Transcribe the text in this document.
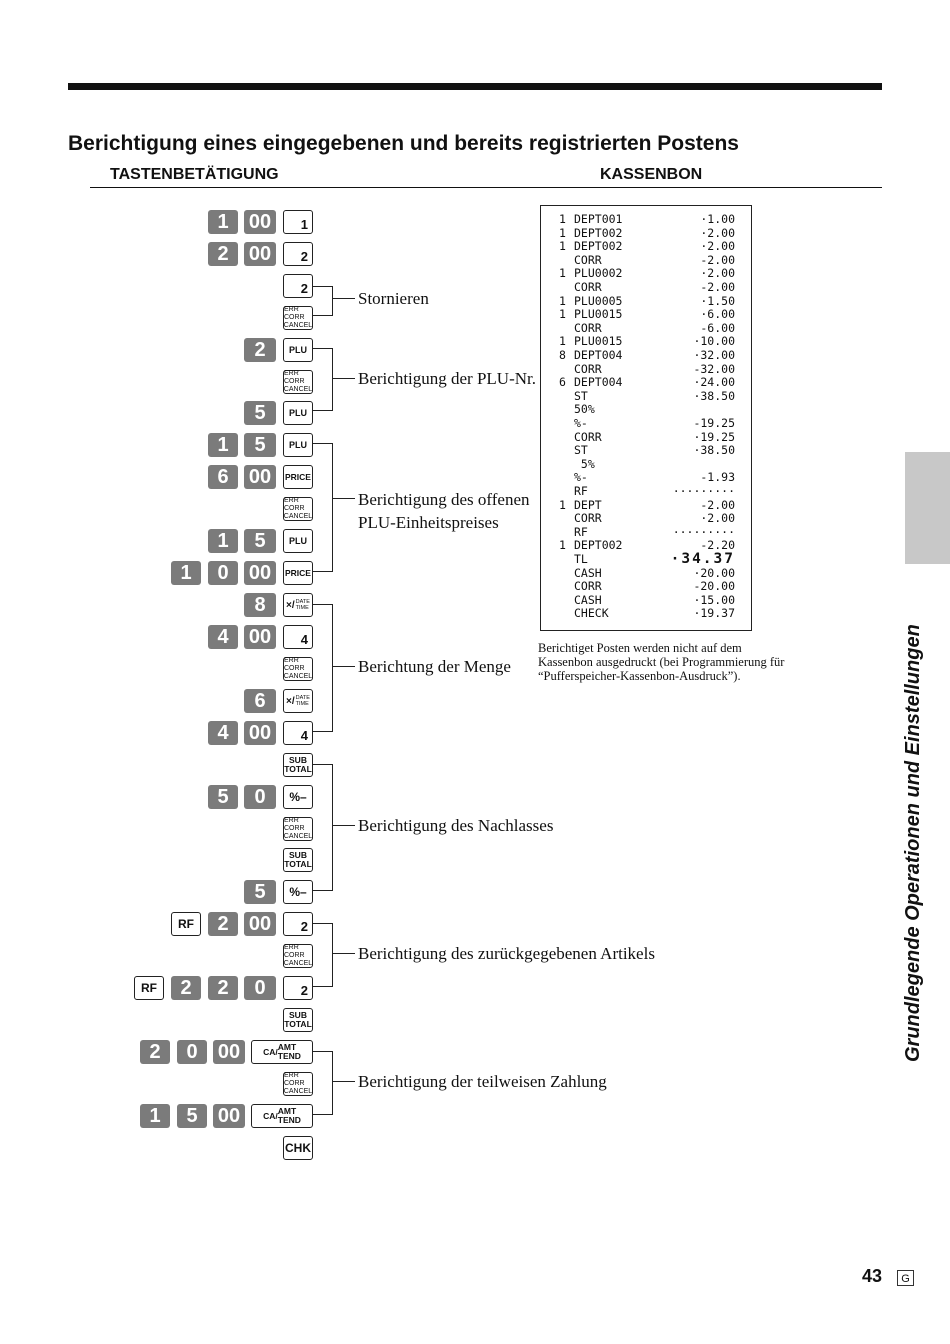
Berichtigung eines eingegebenen und bereits registrierten Postens
TASTENBETÄTIGUNG	KASSENBON
1	00	1
2	00	2
2
ERR CORR
CANCEL
2	PLU
ERR CORR
CANCEL
5	PLU
1	5	PLU
6	00	PRICE
ERR CORR
CANCEL
1	5	PLU
1	0	00	PRICE
8	×/ DATE
TIME
4	00	4
ERR CORR
CANCEL
6	×/ DATE
TIME
4	00	4
SUB
TOTAL
5	0	%–
ERR CORR
CANCEL
SUB
TOTAL
5	%–
RF	2	00	2
ERR CORR
CANCEL
RF	2	2	0	2
SUB
TOTAL
2	0	00	CA/ AMT
TEND
ERR CORR
CANCEL
1	5	00	CA/ AMT
TEND
CHK
Stornieren
Berichtigung der PLU-Nr.
Berichtigung des offenen
PLU-Einheitspreises
Berichtung der Menge
Berichtigung des Nachlasses
Berichtigung des zurückgegebenen Artikels
Berichtigung der teilweisen Zahlung
1 DEPT001	·1.00
1 DEPT002	·2.00
1 DEPT002	·2.00
CORR	-2.00
1 PLU0002	·2.00
CORR	-2.00
1 PLU0005	·1.50
1 PLU0015	·6.00
CORR	-6.00
1 PLU0015	·10.00
8 DEPT004	·32.00
CORR	-32.00
6 DEPT004	·24.00
ST	·38.50
50%
%-	-19.25
CORR	·19.25
ST	·38.50
5%
%-	-1.93
RF	·········
1 DEPT	-2.00
CORR	·2.00
RF	·········
1 DEPT002	-2.20
TL	·34.37
CASH	·20.00
CORR	-20.00
CASH	·15.00
CHECK	·19.37
Berichtiget Posten werden nicht auf dem Kassenbon ausgedruckt (bei Programmierung für “Pufferspeicher-Kassenbon-Ausdruck”).	Grundlegende Operationen und Einstellungen
43	G
